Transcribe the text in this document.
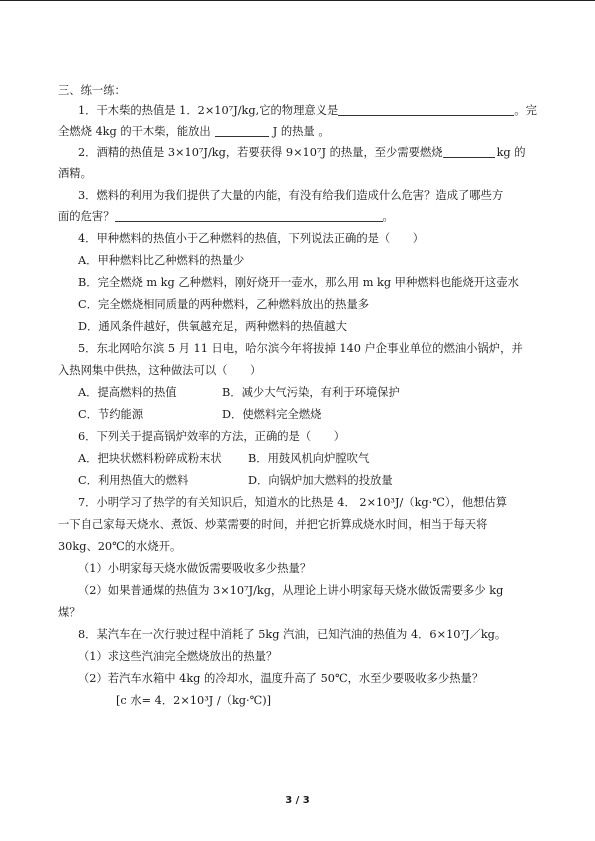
三、练一练：
1．干木柴的热值是 1．2×10⁷J/kg,它的物理意义是	。完
全燃烧 4kg 的干木柴，能放出	J 的热量 。
2．酒精的热值是 3×10⁷J/kg，若要获得 9×10⁷J 的热量，至少需要燃烧	kg 的
酒精。
3．燃料的利用为我们提供了大量的内能，有没有给我们造成什么危害？造成了哪些方
面的危害？	。
4．甲种燃料的热值小于乙种燃料的热值，下列说法正确的是（　　）
A．甲种燃料比乙种燃料的热量少
B．完全燃烧 m kg 乙种燃料，刚好烧开一壶水，那么用 m kg 甲种燃料也能烧开这壶水
C．完全燃烧相同质量的两种燃料，乙种燃料放出的热量多
D．通风条件越好，供氧越充足，两种燃料的热值越大
5．东北网哈尔滨 5 月 11 日电，哈尔滨今年将拔掉 140 户企事业单位的燃油小锅炉，并
入热网集中供热，这种做法可以（　　）
A．提高燃料的热值	B．减少大气污染，有利于环境保护
C．节约能源	D．使燃料完全燃烧
6．下列关于提高锅炉效率的方法，正确的是（　　）
A．把块状燃料粉碎成粉末状 B．用鼓风机向炉膛吹气
C．利用热值大的燃料	D．向锅炉加大燃料的投放量
7．小明学习了热学的有关知识后，知道水的比热是 4． 2×10³J/（kg·℃），他想估算
一下自己家每天烧水、煮饭、炒菜需要的时间，并把它折算成烧水时间，相当于每天将
30kg、20℃的水烧开。
（1）小明家每天烧水做饭需要吸收多少热量？
（2）如果普通煤的热值为 3×10⁷J/kg，从理论上讲小明家每天烧水做饭需要多少 kg
煤？
8．某汽车在一次行驶过程中消耗了 5kg 汽油，已知汽油的热值为 4．6×10⁷J／kg。
（1）求这些汽油完全燃烧放出的热量？
（2）若汽车水箱中 4kg 的冷却水，温度升高了 50℃，水至少要吸收多少热量？
[c 水= 4．2×10³J /（kg·℃)]
3 / 3
